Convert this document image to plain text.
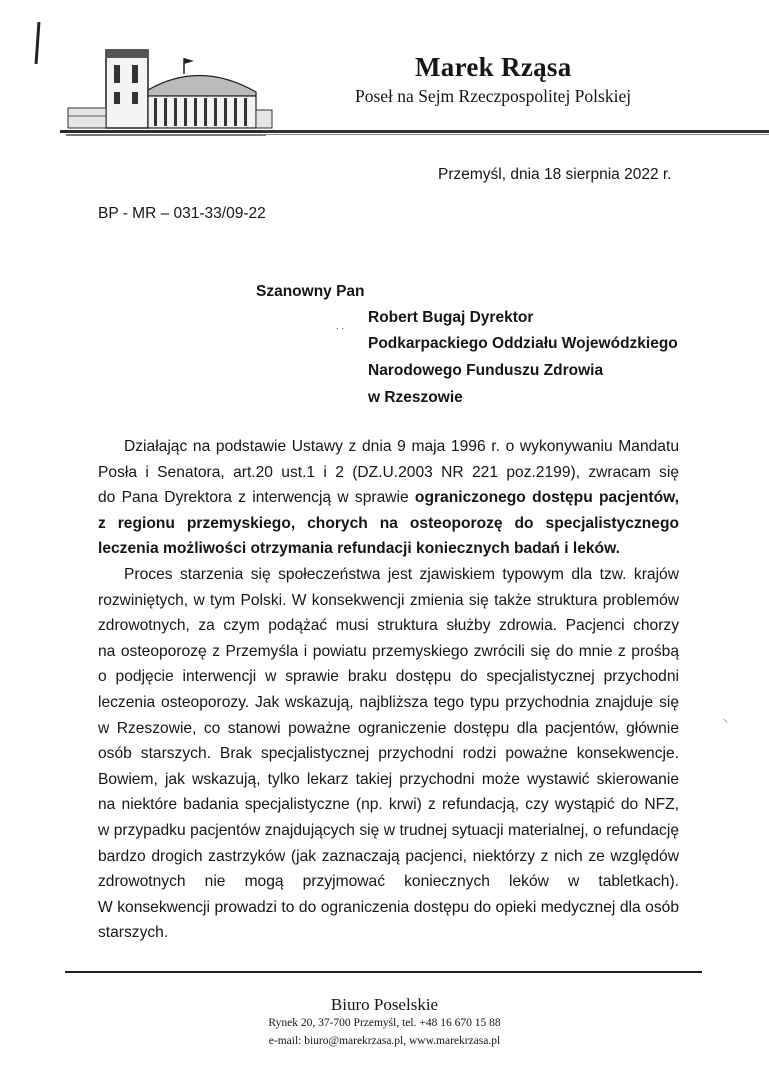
Marek Rząsa
Poseł na Sejm Rzeczpospolitej Polskiej
Przemyśl, dnia 18 sierpnia 2022 r.
BP - MR – 031-33/09-22
Szanowny Pan
. .
Robert Bugaj Dyrektor
Podkarpackiego Oddziału Wojewódzkiego
Narodowego Funduszu Zdrowia
w Rzeszowie
Działając na podstawie Ustawy z dnia 9 maja 1996 r. o wykonywaniu Mandatu
Posła i Senatora, art.20 ust.1 i 2 (DZ.U.2003 NR 221 poz.2199), zwracam się
do Pana Dyrektora z interwencją w sprawie ograniczonego dostępu pacjentów,
z regionu przemyskiego, chorych na osteoporozę do specjalistycznego
leczenia możliwości otrzymania refundacji koniecznych badań i leków.
Proces starzenia się społeczeństwa jest zjawiskiem typowym dla tzw. krajów
rozwiniętych, w tym Polski. W konsekwencji zmienia się także struktura problemów
zdrowotnych, za czym podążać musi struktura służby zdrowia. Pacjenci chorzy
na osteoporozę z Przemyśla i powiatu przemyskiego zwrócili się do mnie z prośbą
o podjęcie interwencji w sprawie braku dostępu do specjalistycznej przychodni
leczenia osteoporozy. Jak wskazują, najbliższa tego typu przychodnia znajduje się
w Rzeszowie, co stanowi poważne ograniczenie dostępu dla pacjentów, głównie
osób starszych. Brak specjalistycznej przychodni rodzi poważne konsekwencje.
Bowiem, jak wskazują, tylko lekarz takiej przychodni może wystawić skierowanie
na niektóre badania specjalistyczne (np. krwi) z refundacją, czy wystąpić do NFZ,
w przypadku pacjentów znajdujących się w trudnej sytuacji materialnej, o refundację
bardzo drogich zastrzyków (jak zaznaczają pacjenci, niektórzy z nich ze względów
zdrowotnych nie mogą przyjmować koniecznych leków w tabletkach).
W konsekwencji prowadzi to do ograniczenia dostępu do opieki medycznej dla osób
starszych.
⸌
Biuro Poselskie
Rynek 20, 37-700 Przemyśl, tel. +48 16 670 15 88
e-mail: biuro@marekrzasa.pl, www.marekrzasa.pl
